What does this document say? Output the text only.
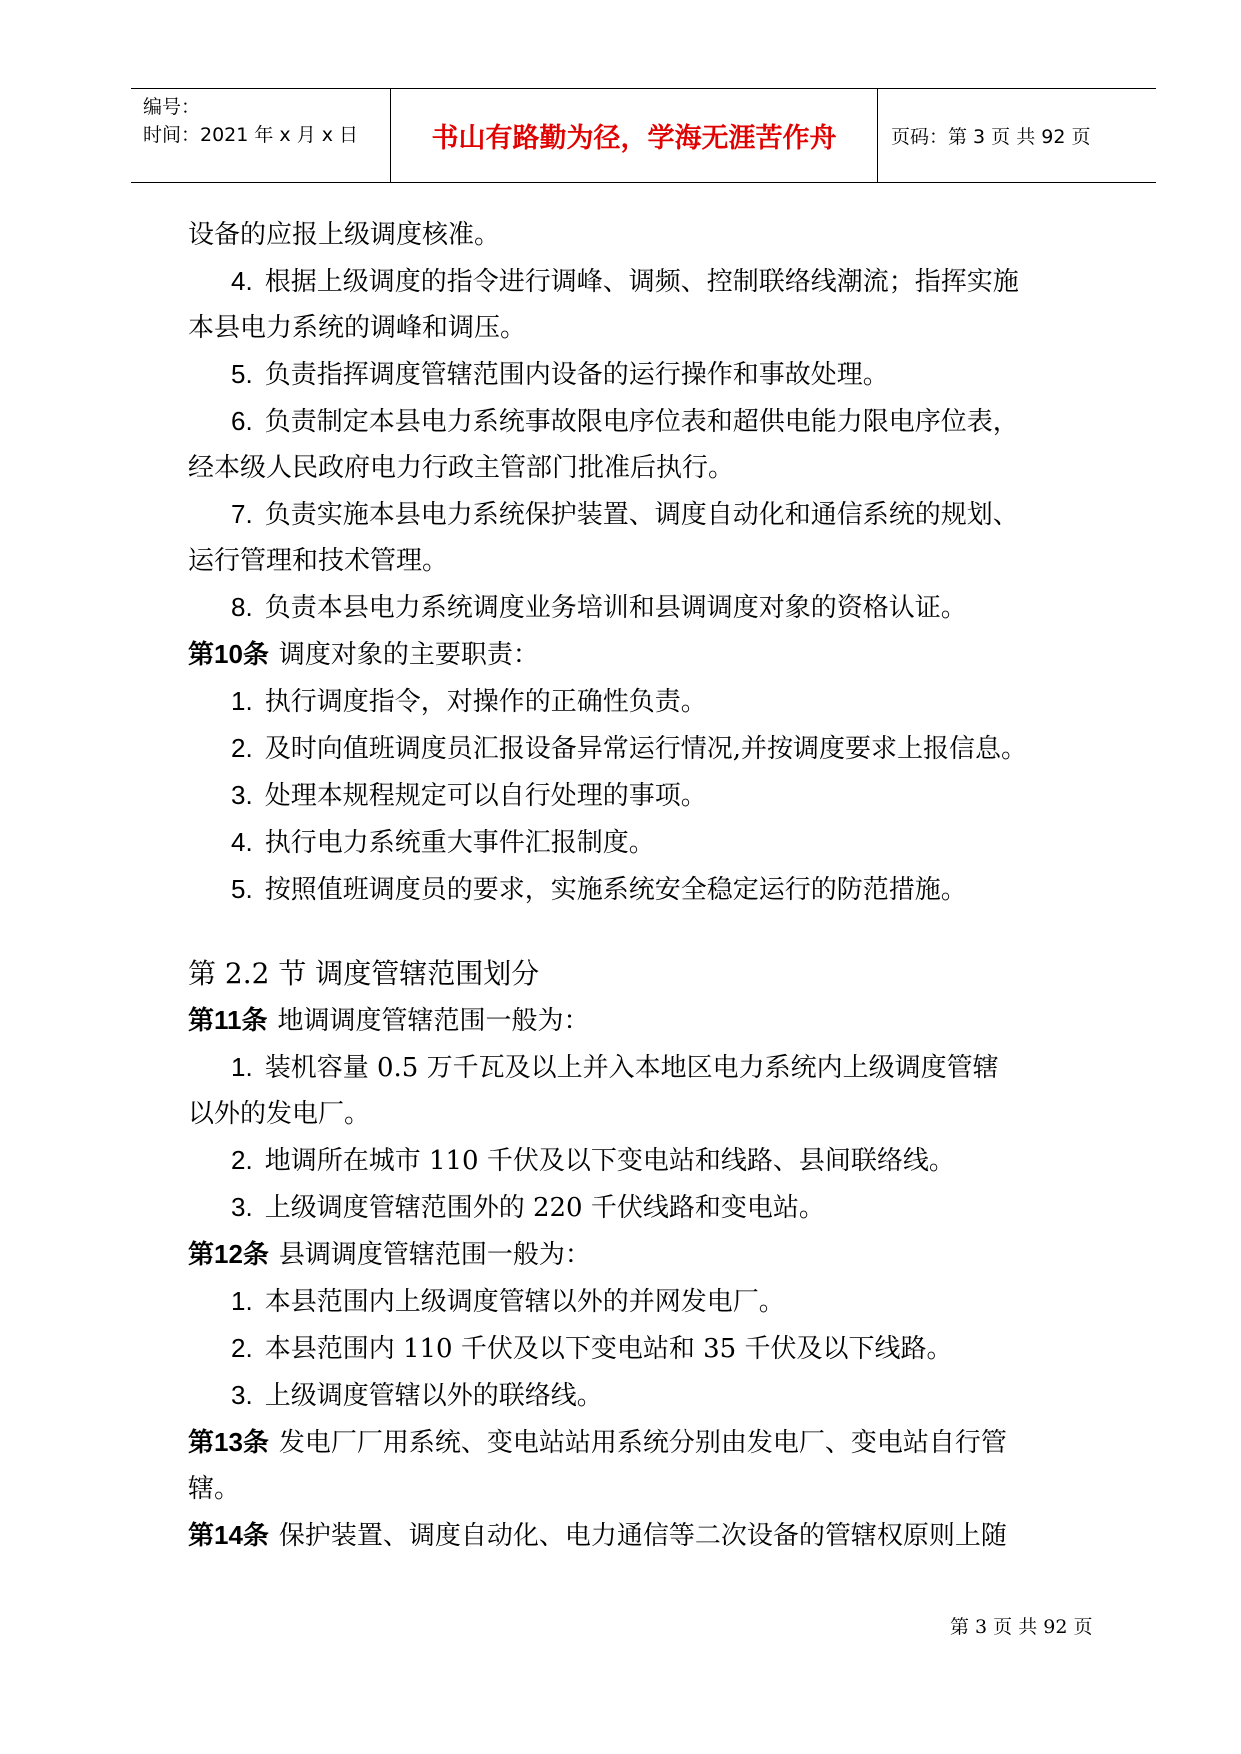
编号：
时间：2021 年 x 月 x 日	书山有路勤为径，学海无涯苦作舟	页码：第 3 页 共 92 页
设备的应报上级调度核准。
4. 根据上级调度的指令进行调峰、调频、控制联络线潮流；指挥实施
本县电力系统的调峰和调压。
5. 负责指挥调度管辖范围内设备的运行操作和事故处理。
6. 负责制定本县电力系统事故限电序位表和超供电能力限电序位表，
经本级人民政府电力行政主管部门批准后执行。
7. 负责实施本县电力系统保护装置、调度自动化和通信系统的规划、
运行管理和技术管理。
8. 负责本县电力系统调度业务培训和县调调度对象的资格认证。
第10条 调度对象的主要职责：
1. 执行调度指令，对操作的正确性负责。
2. 及时向值班调度员汇报设备异常运行情况,并按调度要求上报信息。
3. 处理本规程规定可以自行处理的事项。
4. 执行电力系统重大事件汇报制度。
5. 按照值班调度员的要求，实施系统安全稳定运行的防范措施。
第 2.2 节 调度管辖范围划分
第11条 地调调度管辖范围一般为：
1. 装机容量 0.5 万千瓦及以上并入本地区电力系统内上级调度管辖
以外的发电厂。
2. 地调所在城市 110 千伏及以下变电站和线路、县间联络线。
3. 上级调度管辖范围外的 220 千伏线路和变电站。
第12条 县调调度管辖范围一般为：
1. 本县范围内上级调度管辖以外的并网发电厂。
2. 本县范围内 110 千伏及以下变电站和 35 千伏及以下线路。
3. 上级调度管辖以外的联络线。
第13条 发电厂厂用系统、变电站站用系统分别由发电厂、变电站自行管
辖。
第14条 保护装置、调度自动化、电力通信等二次设备的管辖权原则上随
第 3 页 共 92 页
